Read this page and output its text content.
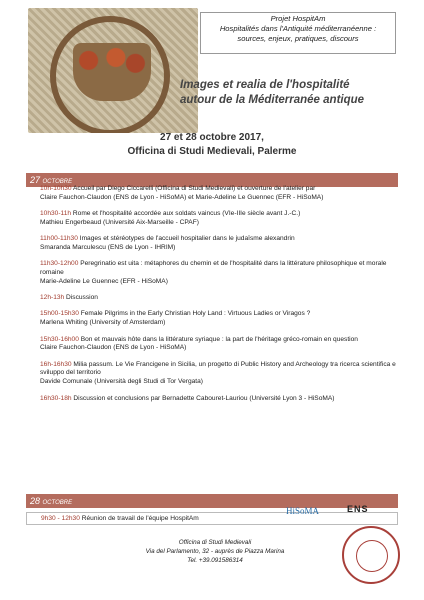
Projet HospitAm
Hospitalités dans l'Antiquité méditerranéenne :
sources, enjeux, pratiques, discours
Images et realia de l'hospitalité
autour de la Méditerranée antique
27 et 28 octobre 2017,
Officina di Studi Medievali, Palerme
27 octobre
10h-10h30 Accueil par Diego Ciccarelli (Officina di Studi Medievali) et ouverture de l'atelier par
Claire Fauchon-Claudon (ENS de Lyon - HiSoMA) et Marie-Adeline Le Guennec (EFR - HiSoMA)
10h30-11h Rome et l'hospitalité accordée aux soldats vaincus (VIe-IIIe siècle avant J.-C.)
Mathieu Engerbeaud (Université Aix-Marseille - CPAF)
11h00-11h30 Images et stéréotypes de l'accueil hospitalier dans le judaïsme alexandrin
Smaranda Marculescu (ENS de Lyon - IHRIM)
11h30-12h00 Peregrinatio est uita : métaphores du chemin et de l'hospitalité dans la littérature philosophique et morale romaine
Marie-Adeline Le Guennec (EFR - HiSoMA)
12h-13h Discussion
15h00-15h30 Female Pilgrims in the Early Christian Holy Land : Virtuous Ladies or Viragos ?
Marlena Whiting (University of Amsterdam)
15h30-16h00 Bon et mauvais hôte dans la littérature syriaque : la part de l'héritage gréco-romain en question
Claire Fauchon-Claudon (ENS de Lyon - HiSoMA)
16h-16h30 Milia passum. Le Vie Francigene in Sicilia, un progetto di Public History and Archeology tra ricerca scientifica e sviluppo del territorio
Davide Comunale (Università degli Studi di Tor Vergata)
16h30-18h Discussion et conclusions par Bernadette Cabouret-Lauriou (Université Lyon 3 - HiSoMA)
28 octobre
9h30 - 12h30 Réunion de travail de l'équipe HospitAm
Officina di Studi Medievali
Via del Parlamento, 32 - auprès de Piazza Marina
Tel. +39.091586314
HiSoMA	ENS
